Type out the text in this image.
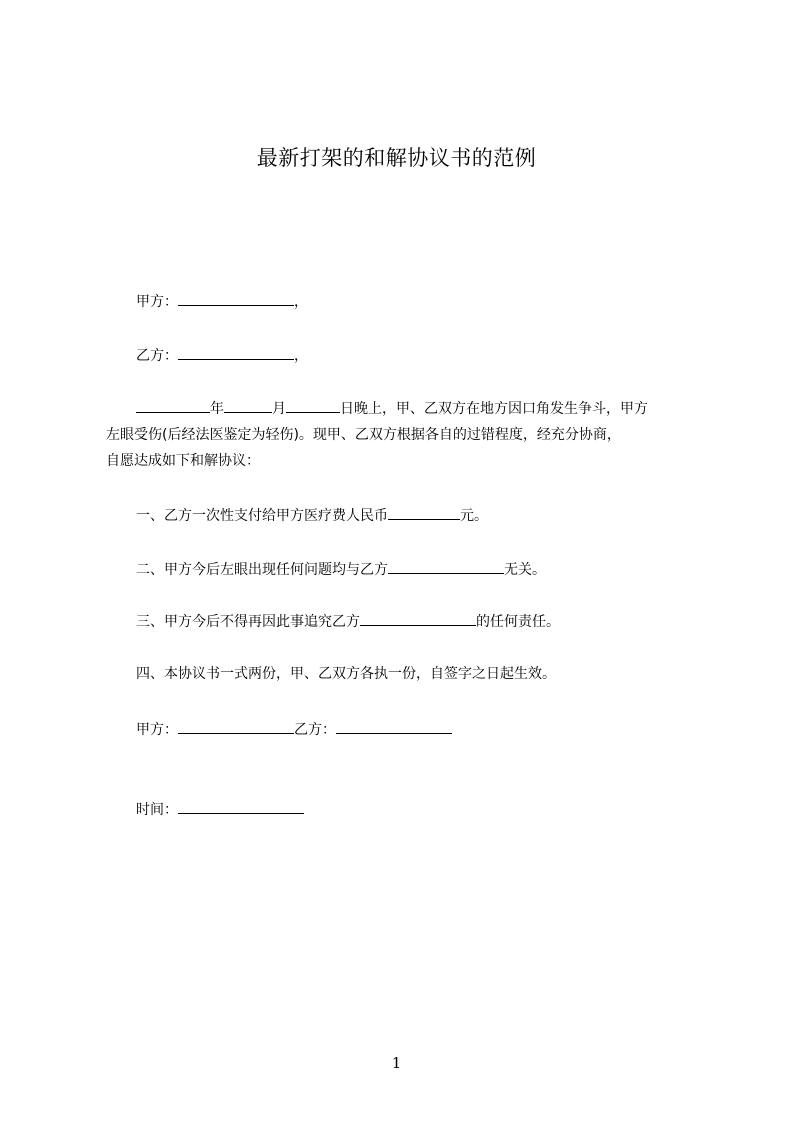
最新打架的和解协议书的范例
甲方：	，
乙方：	，
年	月	日晚上，甲、乙双方在地方因口角发生争斗，甲方
左眼受伤(后经法医鉴定为轻伤)。现甲、乙双方根据各自的过错程度，经充分协商，
自愿达成如下和解协议：
一、乙方一次性支付给甲方医疗费人民币	元。
二、甲方今后左眼出现任何问题均与乙方	无关。
三、甲方今后不得再因此事追究乙方	的任何责任。
四、本协议书一式两份，甲、乙双方各执一份，自签字之日起生效。
甲方：	乙方：
时间：
1
